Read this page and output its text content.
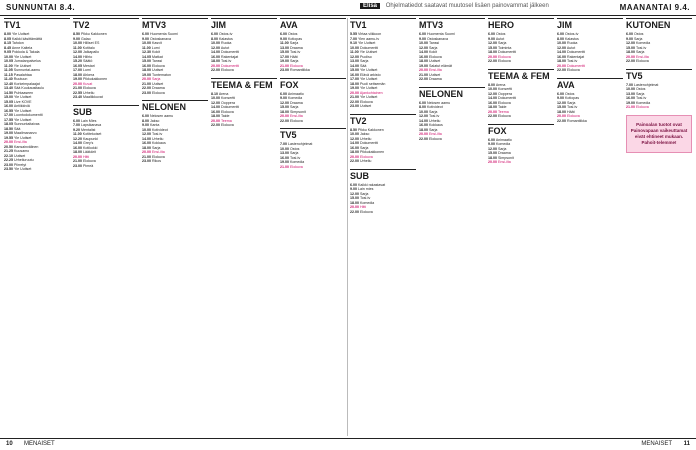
SUNNUNTAI 8.4.	Elisa Ohjelmatiedot saatavat muutosel lisäen painovammat jälkeen	MAANANTAI 9.4.
TV1
8.00 Yle Uutiset
8.05 Kaikki käsittämättä
8.15 Tahdon
8.45 Anne Kaitela
9.05 Pokkola & Takala
10.00 Yle Uutiset
10.05 Jumalanpalvelus
11.00 Yle Uutiset
11.05 Sunnuntai-aamu
11.15 Pasalahtaa
11.40 Ruutuun
12.40 Korkeimpalaajat
13.40 Sää Kuukausitaulu
14.50 Puhtaaseen
15.00 Yle Uutiset
15.05 Live KOVE
16.00 Antiikkiviä
16.55 Yle Uutiset
17.00 Luontodokumentti
17.55 Yle Uutiset
18.05 Sunnuntaitaivas
18.50 Sää
19.00 Maailmanarvo
19.55 Yle Uutiset
20.00 Ensi-ilta
20.50 Kansainvälinen
21.25 Kuusamo
22.10 Uutiset
22.25 Urheiluruutu
23.00 Piirretyt
23.50 Yle Uutiset
TV2
8.50 Pikku Kakkonen
9.00 Galao
10.00 Hilliset ES
11.00 Kotitalo
12.00 Jalkapallo
14.00 Hiihto
15.20 Säätö
16.05 Mestari
17.00 Lumi
18.00 Ahkera
19.00 Pikkukakkonen
20.00 Kuvat
21.00 Elokuva
22.55 Urheilu
23.40 Maaliikkuvat
SUB
6.00 Lain Mies
7.00 Lapsikanava
9.20 Mentalist
11.00 Kotitekoiset
12.20 Kaupunki
14.00 Grey's
16.00 Kotikokki
18.00 Lääkärit
20.00 Hitti
21.00 Elokuva
23.00 Pimeä
MTV3
6.00 Huomenta Suomi
9.00 Ostoskanava
10.00 Kasvit
11.00 Lumi
12.30 Kokit
14.05 Matkat
15.00 Tanssi
16.00 Elokuva
18.00 Uutiset
19.00 Tuntematon
20.00 Sarja
21.00 Uutiset
22.00 Draama
23.00 Elokuva
NELONEN
6.00 Nelosen aamu
8.00 Jakso
9.00 Kanta
10.00 Kotivideot
12.00 Tosi-tv
14.00 Urheilu
16.00 Kokkaus
18.00 Sarja
20.00 Ensi-ilta
21.00 Elokuva
23.00 Rikos
JIM
6.00 Ostos-tv
8.00 Kalastus
10.00 Ruoka
12.00 Autot
14.00 Dokumentti
16.00 Rakentajat
18.00 Tosi-tv
20.00 Dokumentti
22.00 Elokuva
TEEMA & FEM
8.10 Arena
10.00 Konsertti
12.00 Ooppera
14.00 Dokumentti
16.00 Elokuva
18.00 Taide
20.00 Teema
22.00 Elokuva
AVA
6.00 Ostos
9.00 Kotiopas
11.00 Sarja
13.00 Draama
15.00 Tosi-tv
17.00 Häät
19.00 Sarja
21.00 Elokuva
23.00 Romantiikka
FOX
6.00 Animaatio
9.00 Komedia
12.00 Draama
15.00 Sarja
18.00 Simpsonit
20.00 Ensi-ilta
22.00 Elokuva
TV5
7.00 Lastenohjelmat
10.00 Ostos
13.00 Sarja
16.00 Tosi-tv
19.00 Komedia
21.00 Elokuva
TV1
5.55 Virtaa viikkoon
7.00 Ylen aamu-tv
9.10 Yle Uutiset
10.00 Dokumentti
11.00 Yle Uutiset
12.00 Puoliso
13.00 Sarja
14.00 Sää
15.00 Yle Uutiset
16.00 Elävä arkisto
17.00 Yle Uutiset
18.00 Puoli seitsemän
19.00 Yle Uutiset
20.00 Ajankohtainen
21.00 Yle Uutiset
22.00 Elokuva
23.00 Uutiset
TV2
8.50 Pikku Kakkonen
10.00 Jakso
12.00 Urheilu
14.00 Dokumentti
16.00 Sarja
18.00 Pikkukakkonen
20.00 Elokuva
22.00 Urheilu
SUB
6.00 Kaikki rakastavat
9.00 Lain mies
12.00 Sarja
15.00 Tosi-tv
18.00 Komedia
20.00 Hitti
22.00 Elokuva
MTV3
6.00 Huomenta Suomi
9.00 Ostoskanava
10.00 Tanssi
12.00 Sarja
14.00 Kokit
16.00 Elokuva
18.00 Uutiset
19.00 Salatut elämät
20.00 Ensi-ilta
21.00 Uutiset
22.00 Draama
NELONEN
6.00 Nelosen aamu
8.00 Kotivideot
10.00 Sarja
12.00 Tosi-tv
14.00 Urheilu
16.00 Kokkaus
18.00 Sarja
20.00 Ensi-ilta
22.00 Elokuva
HERO
6.00 Ostos
9.00 Autot
12.00 Sarja
15.00 Toiminta
18.00 Dokumentti
20.00 Elokuva
22.00 Elokuva
TEEMA & FEM
8.00 Arena
10.00 Konsertti
12.00 Ooppera
14.00 Dokumentti
16.00 Elokuva
18.00 Taide
20.00 Teema
22.00 Elokuva
FOX
6.00 Animaatio
9.00 Komedia
12.00 Sarja
15.00 Draama
18.00 Simpsonit
20.00 Ensi-ilta
JIM
6.00 Ostos-tv
8.00 Kalastus
10.00 Ruoka
12.00 Autot
14.00 Dokumentti
16.00 Rakentajat
18.00 Tosi-tv
20.00 Dokumentti
22.00 Elokuva
AVA
6.00 Ostos
9.00 Kotiopas
12.00 Sarja
15.00 Tosi-tv
18.00 Häät
20.00 Elokuva
22.00 Romantiikka
KUTONEN
6.00 Ostos
9.00 Sarja
12.00 Komedia
15.00 Tosi-tv
18.00 Sarja
20.00 Ensi-ilta
22.00 Elokuva
TV5
7.00 Lastenohjelmat
10.00 Ostos
13.00 Sarja
16.00 Tosi-tv
19.00 Komedia
21.00 Elokuva
Painoalan tuotot ovat Painovapaan vaikeuttamat eivät ehtineet mukaan. Pahoit-telemme!
10 MENAISET	MENAISET 11
